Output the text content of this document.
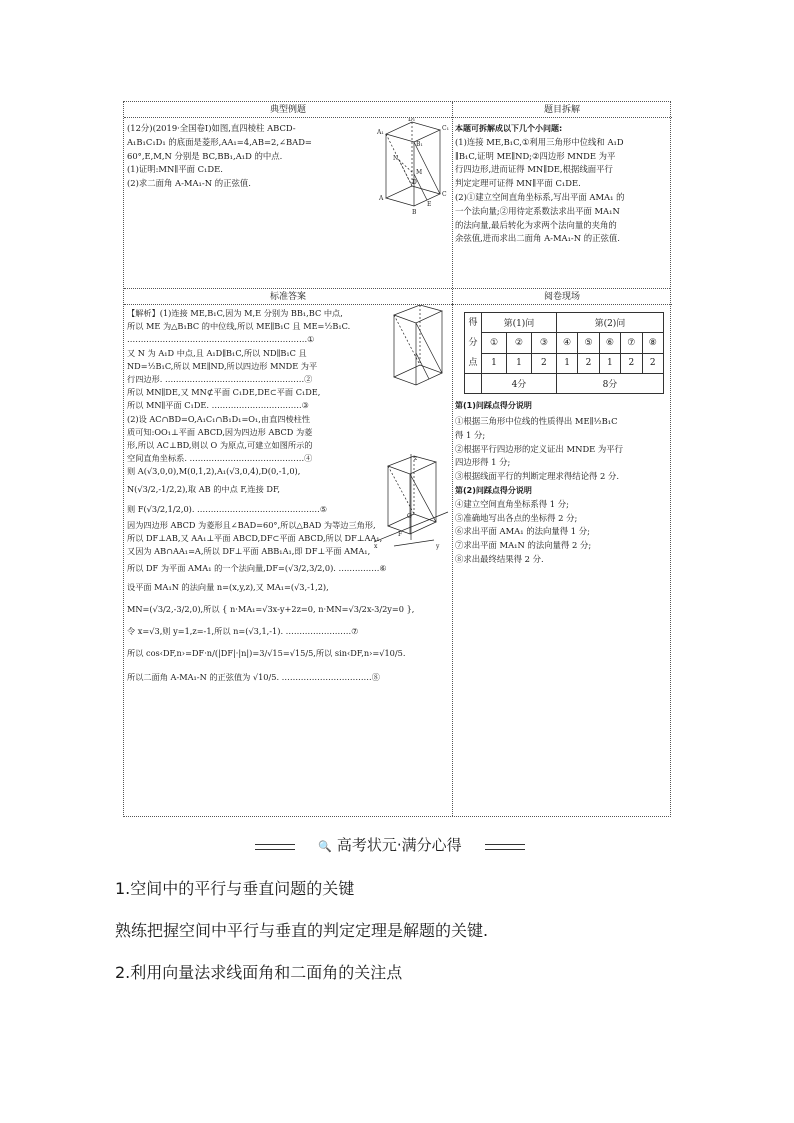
典型例题	题目拆解
(12分)(2019·全国卷Ⅰ)如图,直四棱柱 ABCD-
A₁B₁C₁D₁ 的底面是菱形,AA₁=4,AB=2,∠BAD=
60°,E,M,N 分别是 BC,BB₁,A₁D 的中点.
(1)证明:MN∥平面 C₁DE.
(2)求二面角 A-MA₁-N 的正弦值.
A₁
B₁
C₁
D₁
A
B
C
D
E
M
N
本题可拆解成以下几个小问题:
(1)连接 ME,B₁C,①利用三角形中位线和 A₁D
∥B₁C,证明 ME∥ND;②四边形 MNDE 为平
行四边形,进而证得 MN∥DE,根据线面平行
判定定理可证得 MN∥平面 C₁DE.
(2)①建立空间直角坐标系,写出平面 AMA₁ 的
一个法向量;②用待定系数法求出平面 MA₁N
的法向量,最后转化为求两个法向量的夹角的
余弦值,进而求出二面角 A-MA₁-N 的正弦值.
标准答案	阅卷现场
【解析】(1)连接 ME,B₁C,因为 M,E 分别为 BB₁,BC 中点,
所以 ME 为△B₁BC 的中位线,所以 ME∥B₁C 且 ME=½B₁C.
…………………………………………………………①
又 N 为 A₁D 中点,且 A₁D∥B₁C,所以 ND∥B₁C 且
ND=½B₁C,所以 ME∥ND,所以四边形 MNDE 为平
行四边形. ……………………………………………②
所以 MN∥DE,又 MN⊄平面 C₁DE,DE⊂平面 C₁DE,
所以 MN∥平面 C₁DE. ……………………………③
(2)设 AC∩BD=O,A₁C₁∩B₁D₁=O₁,由直四棱柱性
质可知:OO₁⊥平面 ABCD,因为四边形 ABCD 为菱
形,所以 AC⊥BD,则以 O 为原点,可建立如图所示的
空间直角坐标系. ……………………………………④
则 A(√3,0,0),M(0,1,2),A₁(√3,0,4),D(0,-1,0),
N(√3/2,-1/2,2),取 AB 的中点 F,连接 DF,
则 F(√3/2,1/2,0). ………………………………………⑤
因为四边形 ABCD 为菱形且∠BAD=60°,所以△BAD 为等边三角形,
所以 DF⊥AB,又 AA₁⊥平面 ABCD,DF⊂平面 ABCD,所以 DF⊥AA₁,
又因为 AB∩AA₁=A,所以 DF⊥平面 ABB₁A₁,即 DF⊥平面 AMA₁,
所以 DF 为平面 AMA₁ 的一个法向量,DF=(√3/2,3/2,0). ……………⑥
设平面 MA₁N 的法向量 n=(x,y,z),又 MA₁=(√3,-1,2),
MN=(√3/2,-3/2,0),所以 { n·MA₁=√3x-y+2z=0, n·MN=√3/2x-3/2y=0 },
令 x=√3,则 y=1,z=-1,所以 n=(√3,1,-1). ……………………⑦
所以 cos‹DF,n›=DF·n/(|DF|·|n|)=3/√15=√15/5,所以 sin‹DF,n›=√10/5.
所以二面角 A-MA₁-N 的正弦值为 √10/5. ……………………………⑧
z
x	y
O
F
得分点	第(1)问			第(2)问				
	①	②	③	④	⑤	⑥	⑦	⑧
	1	1	2	1	2	1	2	2
	4分			8分				
第(1)问踩点得分说明
①根据三角形中位线的性质得出 ME∥½B₁C
得 1 分;
②根据平行四边形的定义证出 MNDE 为平行
四边形得 1 分;
③根据线面平行的判断定理求得结论得 2 分.
第(2)问踩点得分说明
④建立空间直角坐标系得 1 分;
⑤准确地写出各点的坐标得 2 分;
⑥求出平面 AMA₁ 的法向量得 1 分;
⑦求出平面 MA₁N 的法向量得 2 分;
⑧求出最终结果得 2 分.
🔍 高考状元·满分心得
1.空间中的平行与垂直问题的关键
熟练把握空间中平行与垂直的判定定理是解题的关键.
2.利用向量法求线面角和二面角的关注点
